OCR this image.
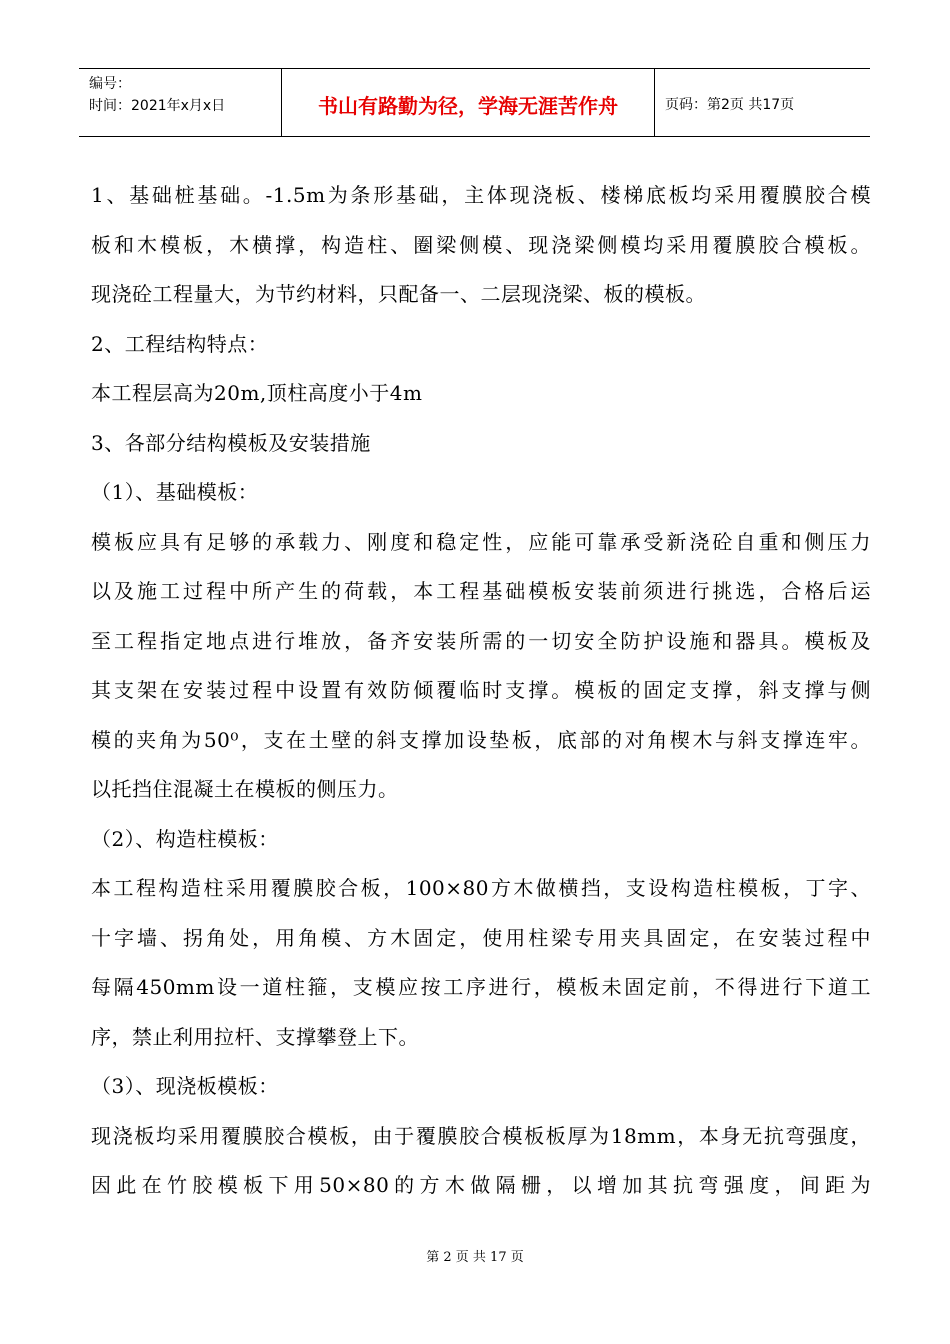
编号：
时间：2021年x月x日	书山有路勤为径，学海无涯苦作舟	页码：第2页 共17页
1、基础桩基础。-1.5m为条形基础，主体现浇板、楼梯底板均采用覆膜胶合模
板和木模板，木横撑，构造柱、圈梁侧模、现浇梁侧模均采用覆膜胶合模板。
现浇砼工程量大，为节约材料，只配备一、二层现浇梁、板的模板。
2、工程结构特点：
本工程层高为20m,顶柱高度小于4m
3、各部分结构模板及安装措施
（1）、基础模板：
模板应具有足够的承载力、刚度和稳定性，应能可靠承受新浇砼自重和侧压力
以及施工过程中所产生的荷载，本工程基础模板安装前须进行挑选，合格后运
至工程指定地点进行堆放，备齐安装所需的一切安全防护设施和器具。模板及
其支架在安装过程中设置有效防倾覆临时支撑。模板的固定支撑，斜支撑与侧
模的夹角为50⁰，支在土壁的斜支撑加设垫板，底部的对角楔木与斜支撑连牢。
以托挡住混凝土在模板的侧压力。
（2）、构造柱模板：
本工程构造柱采用覆膜胶合板，100×80方木做横挡，支设构造柱模板，丁字、
十字墙、拐角处，用角模、方木固定，使用柱梁专用夹具固定，在安装过程中
每隔450mm设一道柱箍，支模应按工序进行，模板未固定前，不得进行下道工
序，禁止利用拉杆、支撑攀登上下。
（3）、现浇板模板：
现浇板均采用覆膜胶合模板，由于覆膜胶合模板板厚为18mm，本身无抗弯强度，
因此在竹胶模板下用50×80的方木做隔栅，以增加其抗弯强度，间距为
第 2 页 共 17 页
